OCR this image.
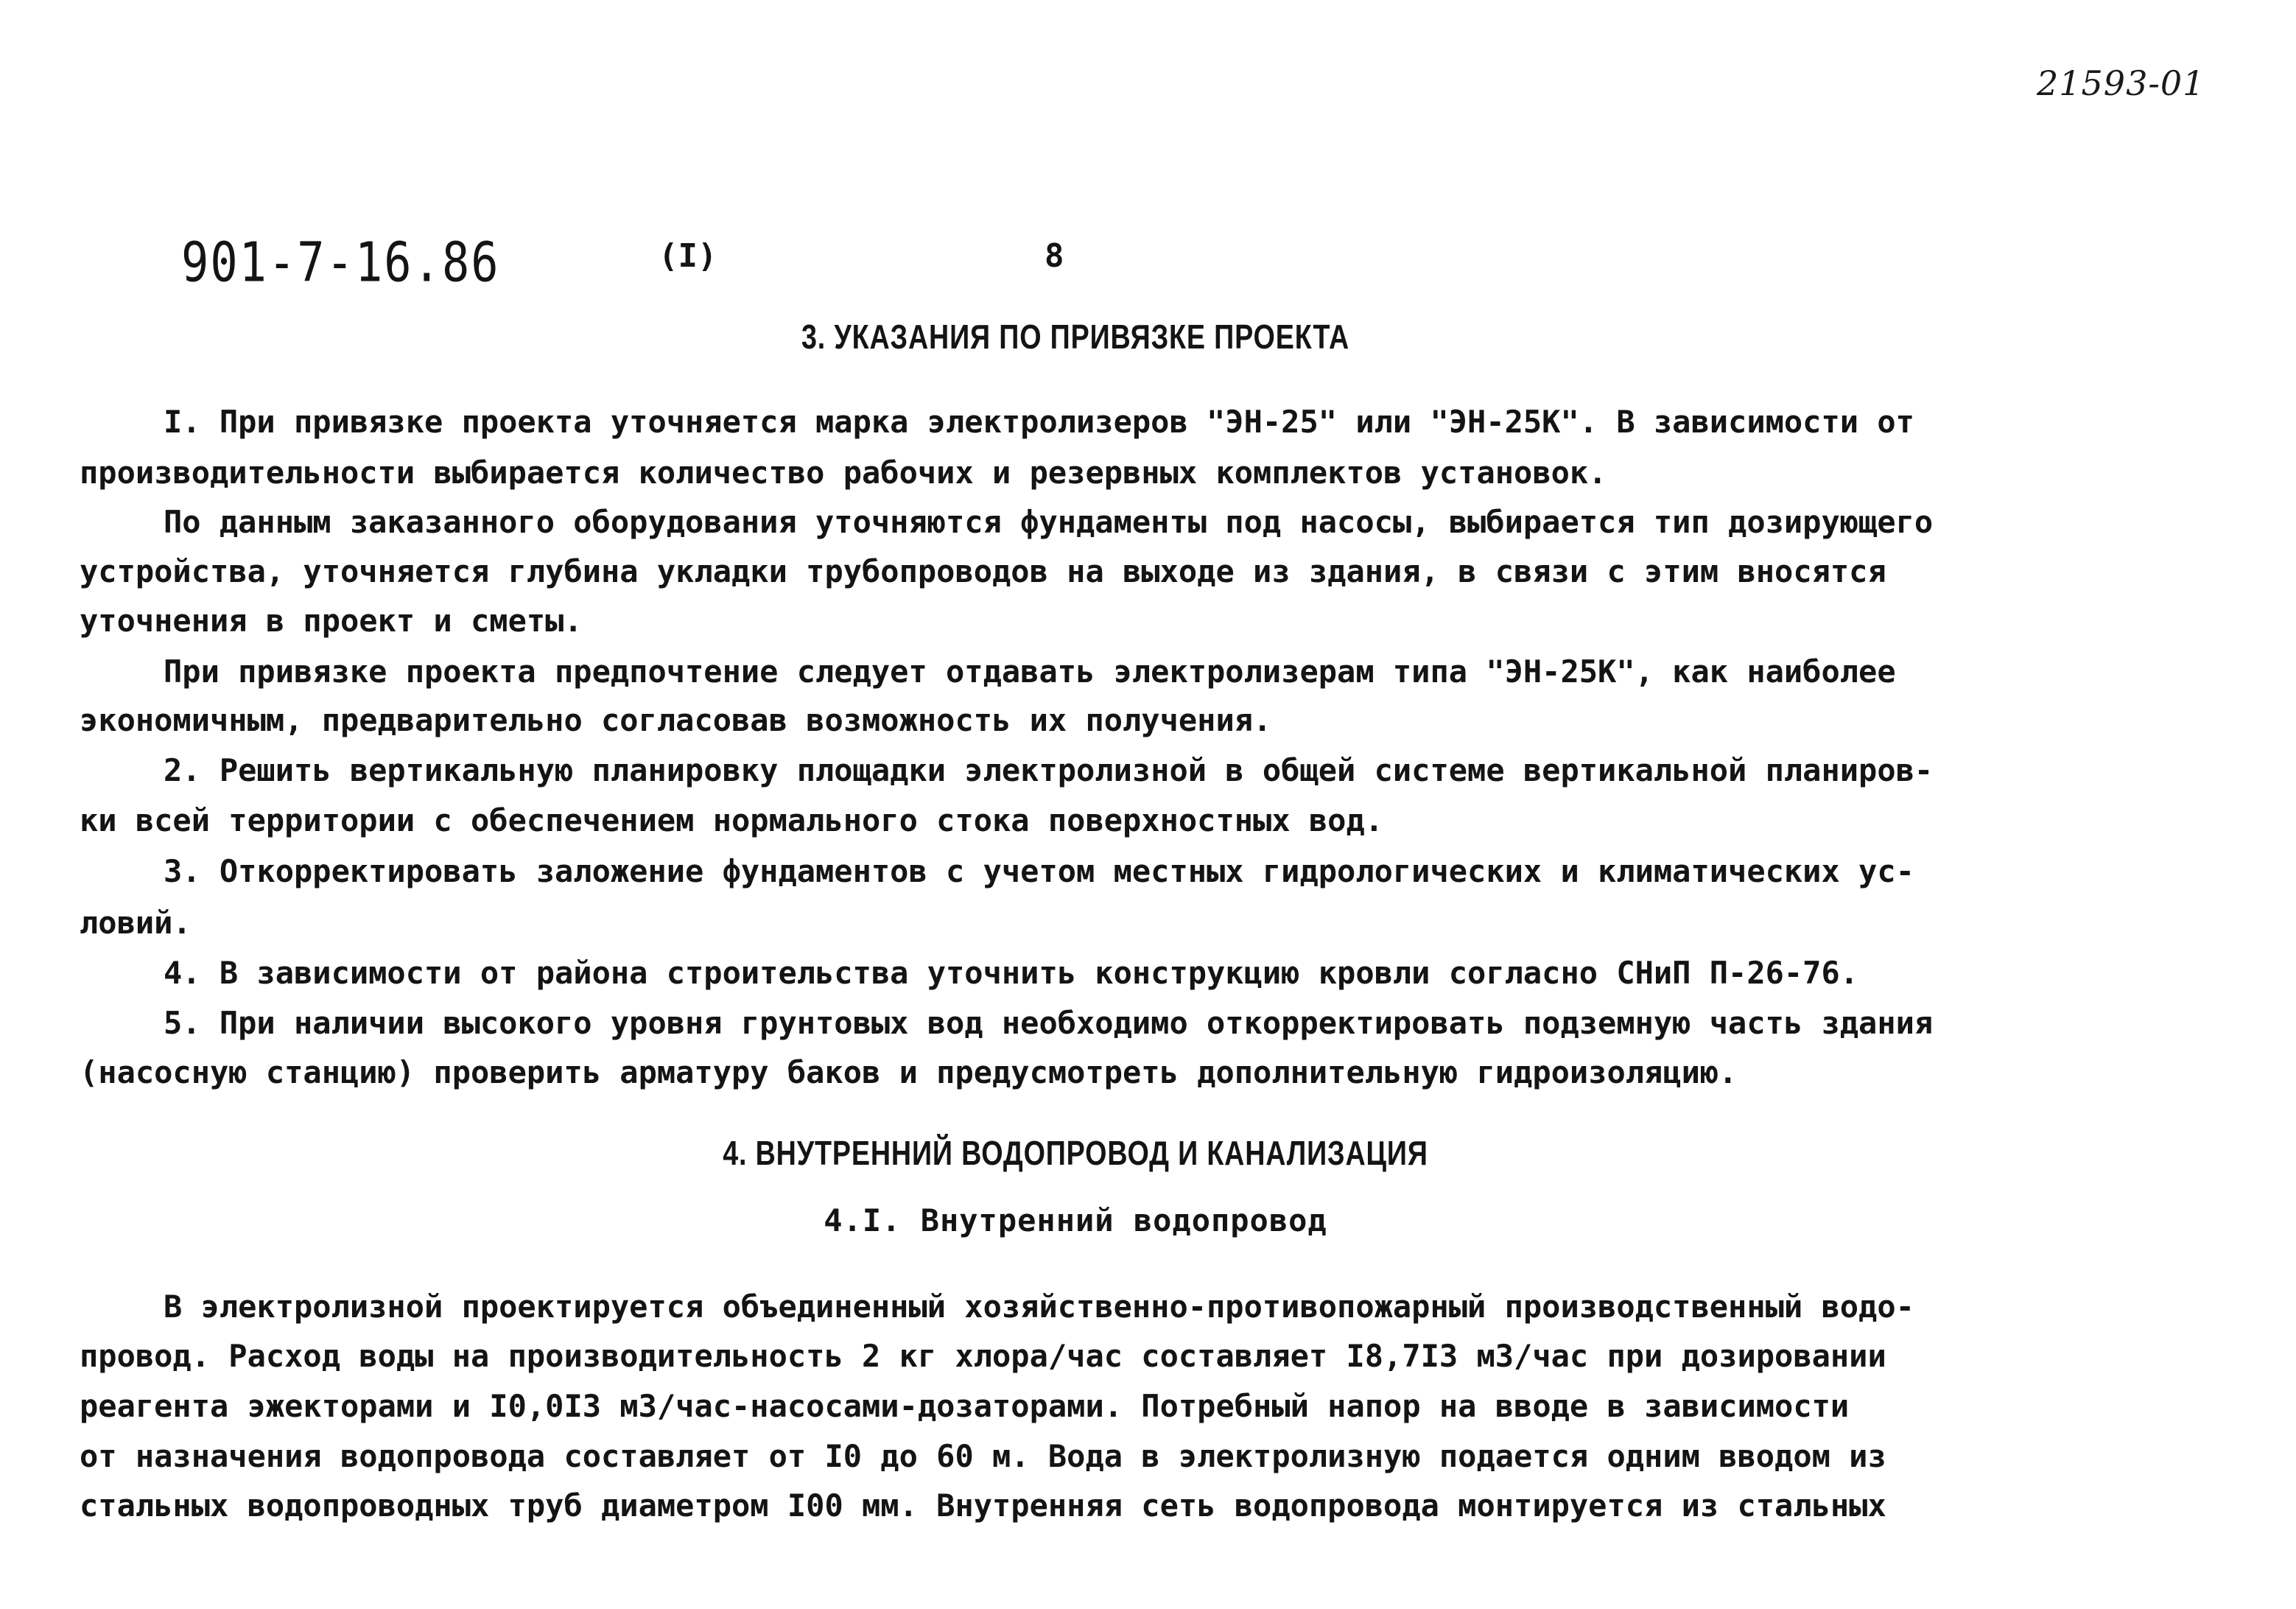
21593-01
901-7-16.86	(I)	8
3. УКАЗАНИЯ ПО ПРИВЯЗКЕ ПРОЕКТА
I. При привязке проекта уточняется марка электролизеров "ЭН-25" или "ЭН-25К". В зависимости от
производительности выбирается количество рабочих и резервных комплектов установок.
По данным заказанного оборудования уточняются фундаменты под насосы, выбирается тип дозирующего
устройства, уточняется глубина укладки трубопроводов на выходе из здания, в связи с этим вносятся
уточнения в проект и сметы.
При привязке проекта предпочтение следует отдавать электролизерам типа "ЭН-25К", как наиболее
экономичным, предварительно согласовав возможность их получения.
2. Решить вертикальную планировку площадки электролизной в общей системе вертикальной планиров-
ки всей территории с обеспечением нормального стока поверхностных вод.
3. Откорректировать заложение фундаментов с учетом местных гидрологических и климатических ус-
ловий.
4. В зависимости от района строительства уточнить конструкцию кровли согласно СНиП П-26-76.
5. При наличии высокого уровня грунтовых вод необходимо откорректировать подземную часть здания
(насосную станцию) проверить арматуру баков и предусмотреть дополнительную гидроизоляцию.
4. ВНУТРЕННИЙ ВОДОПРОВОД И КАНАЛИЗАЦИЯ
4.I. Внутренний водопровод
В электролизной проектируется объединенный хозяйственно-противопожарный производственный водо-
провод. Расход воды на производительность 2 кг хлора/час составляет I8,7I3 м3/час при дозировании
реагента эжекторами и I0,0I3 м3/час-насосами-дозаторами. Потребный напор на вводе в зависимости
от назначения водопровода составляет от I0 до 60 м. Вода в электролизную подается одним вводом из
стальных водопроводных труб диаметром I00 мм. Внутренняя сеть водопровода монтируется из стальных
